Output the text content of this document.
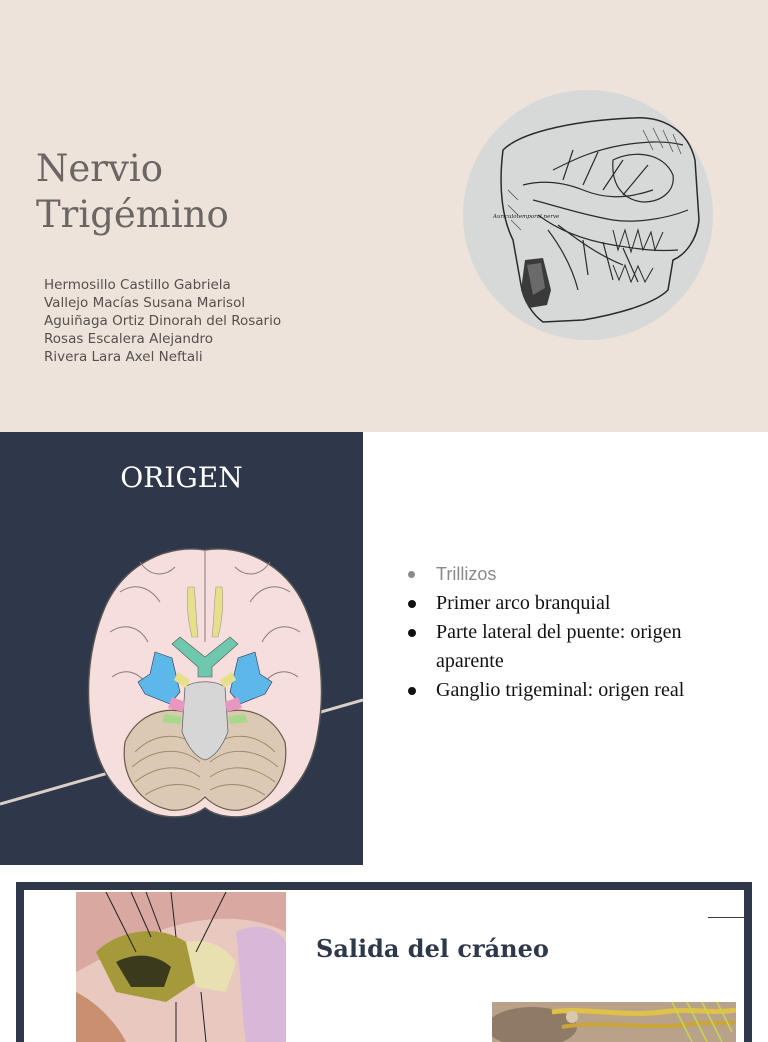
Nervio
Trigémino
Hermosillo Castillo Gabriela
Vallejo Macías Susana Marisol
Aguiñaga Ortiz Dinorah del Rosario
Rosas Escalera Alejandro
Rivera Lara Axel Neftali
Auriculotemporal nerve
ORIGEN
Trillizos
Primer arco branquial
Parte lateral del puente: origen aparente
Ganglio trigeminal: origen real
Salida del cráneo
